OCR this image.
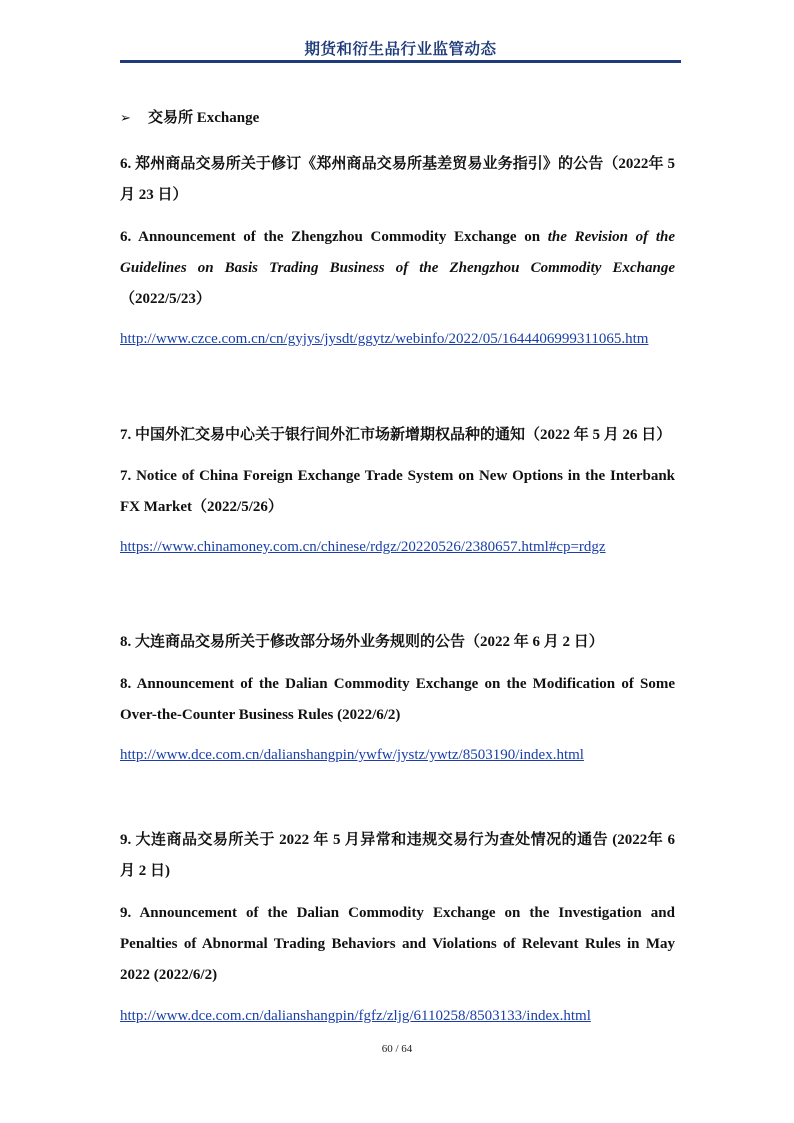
期货和衍生品行业监管动态
➢ 交易所 Exchange
6. 郑州商品交易所关于修订《郑州商品交易所基差贸易业务指引》的公告（2022年 5 月 23 日）
6. Announcement of the Zhengzhou Commodity Exchange on the Revision of the Guidelines on Basis Trading Business of the Zhengzhou Commodity Exchange（2022/5/23）
http://www.czce.com.cn/cn/gyjys/jysdt/ggytz/webinfo/2022/05/1644406999311065.htm
7. 中国外汇交易中心关于银行间外汇市场新增期权品种的通知（2022 年 5 月 26 日）
7. Notice of China Foreign Exchange Trade System on New Options in the Interbank FX Market（2022/5/26）
https://www.chinamoney.com.cn/chinese/rdgz/20220526/2380657.html#cp=rdgz
8. 大连商品交易所关于修改部分场外业务规则的公告（2022 年 6 月 2 日）
8. Announcement of the Dalian Commodity Exchange on the Modification of Some Over-the-Counter Business Rules (2022/6/2)
http://www.dce.com.cn/dalianshangpin/ywfw/jystz/ywtz/8503190/index.html
9. 大连商品交易所关于 2022 年 5 月异常和违规交易行为查处情况的通告 (2022年 6 月 2 日)
9. Announcement of the Dalian Commodity Exchange on the Investigation and Penalties of Abnormal Trading Behaviors and Violations of Relevant Rules in May 2022 (2022/6/2)
http://www.dce.com.cn/dalianshangpin/fgfz/zljg/6110258/8503133/index.html
60 / 64
